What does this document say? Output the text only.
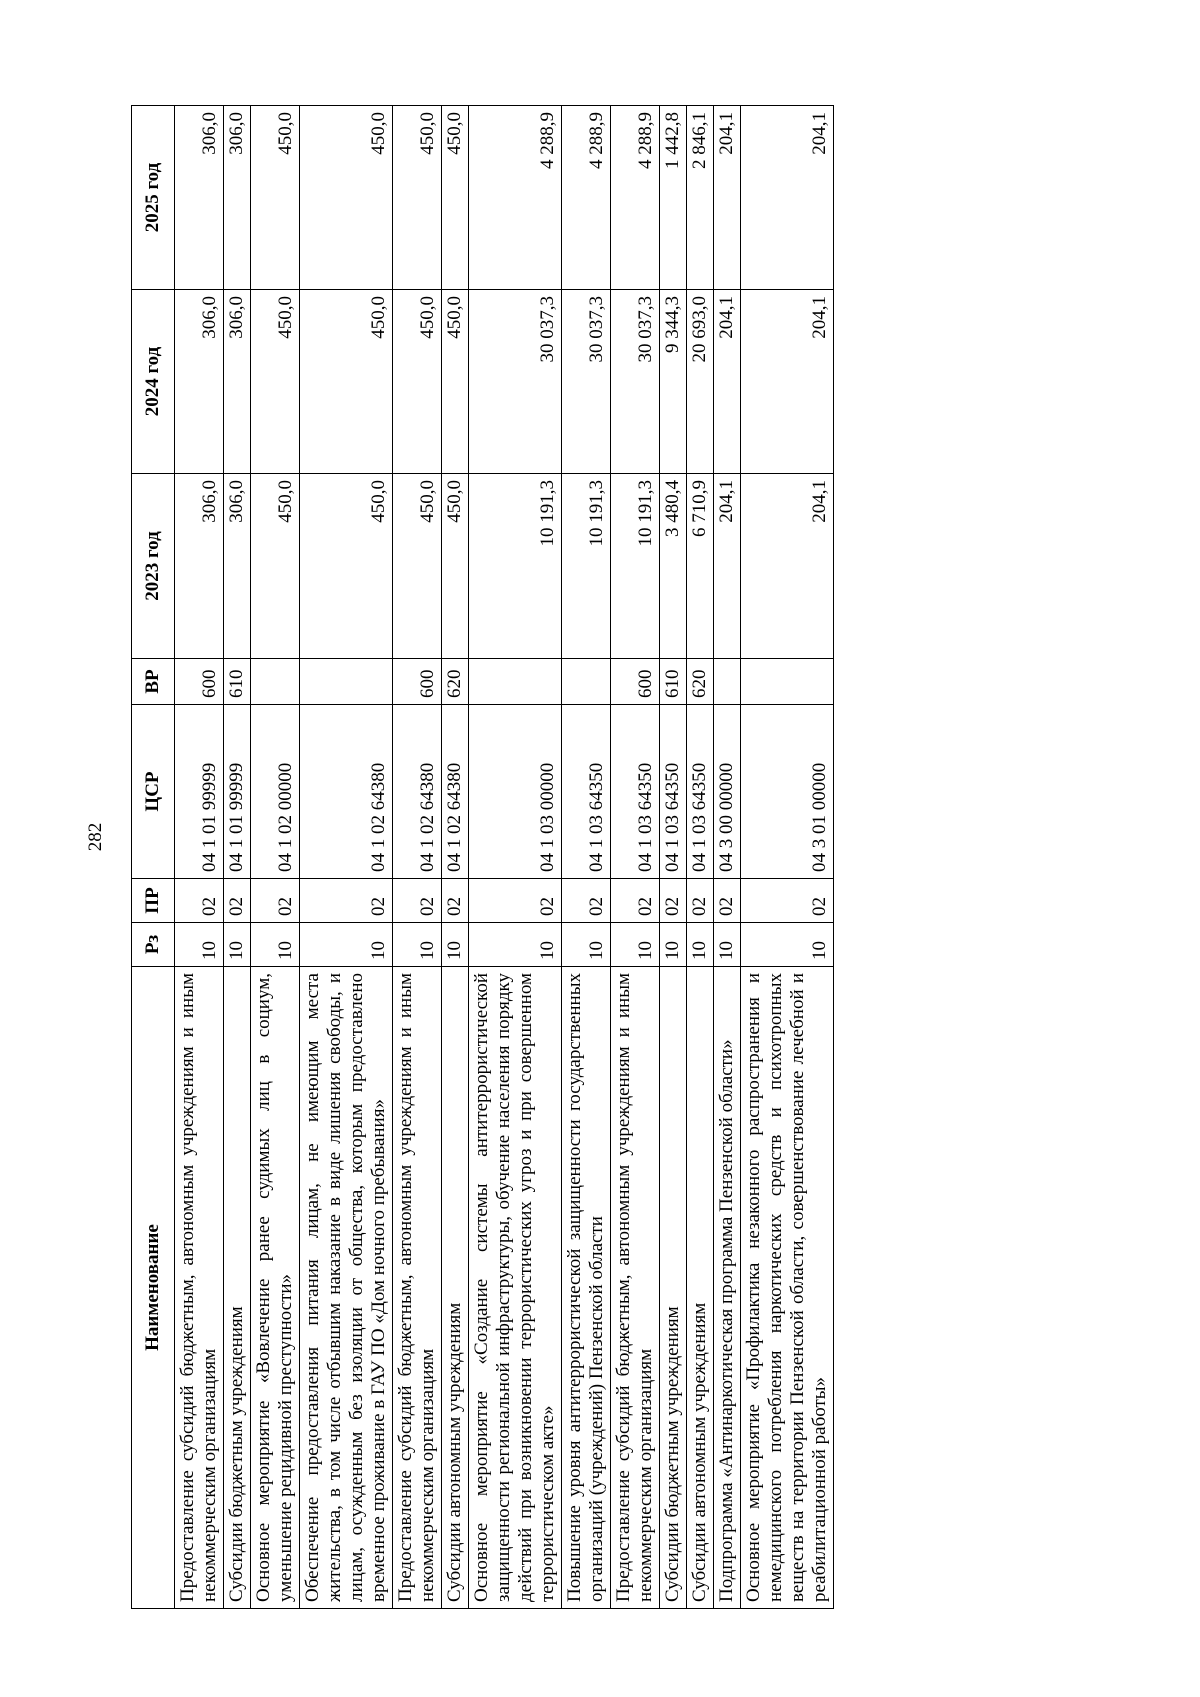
282
Наименование	Рз	ПР	ЦСР	ВР	2023 год	2024 год	2025 год
Предоставление субсидий бюджетным, автономным учреждениям и иным некоммерческим организациям	10	02	04 1 01 99999	600	306,0	306,0	306,0
Субсидии бюджетным учреждениям	10	02	04 1 01 99999	610	306,0	306,0	306,0
Основное мероприятие «Вовлечение ранее судимых лиц в социум, уменьшение рецидивной преступности»	10	02	04 1 02 00000		450,0	450,0	450,0
Обеспечение предоставления питания лицам, не имеющим места жительства, в том числе отбывшим наказание в виде лишения свободы, и лицам, осужденным без изоляции от общества, которым предоставлено временное проживание в ГАУ ПО «Дом ночного пребывания»	10	02	04 1 02 64380		450,0	450,0	450,0
Предоставление субсидий бюджетным, автономным учреждениям и иным некоммерческим организациям	10	02	04 1 02 64380	600	450,0	450,0	450,0
Субсидии автономным учреждениям	10	02	04 1 02 64380	620	450,0	450,0	450,0
Основное мероприятие «Создание системы антитеррористической защищенности региональной инфраструктуры, обучение населения порядку действий при возникновении террористических угроз и при совершенном террористическом акте»	10	02	04 1 03 00000		10 191,3	30 037,3	4 288,9
Повышение уровня антитеррористической защищенности государственных организаций (учреждений) Пензенской области	10	02	04 1 03 64350		10 191,3	30 037,3	4 288,9
Предоставление субсидий бюджетным, автономным учреждениям и иным некоммерческим организациям	10	02	04 1 03 64350	600	10 191,3	30 037,3	4 288,9
Субсидии бюджетным учреждениям	10	02	04 1 03 64350	610	3 480,4	9 344,3	1 442,8
Субсидии автономным учреждениям	10	02	04 1 03 64350	620	6 710,9	20 693,0	2 846,1
Подпрограмма «Антинаркотическая программа Пензенской области»	10	02	04 3 00 00000		204,1	204,1	204,1
Основное мероприятие «Профилактика незаконного распространения и немедицинского потребления наркотических средств и психотропных веществ на территории Пензенской области, совершенствование лечебной и реабилитационной работы»	10	02	04 3 01 00000		204,1	204,1	204,1
